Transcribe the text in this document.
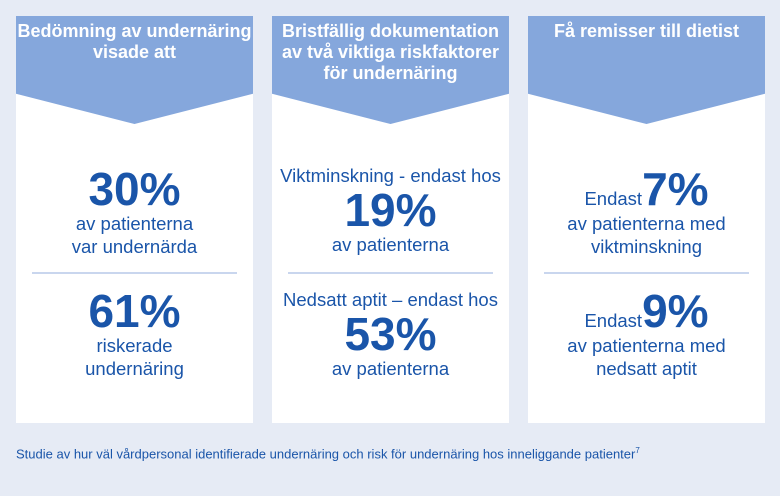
Bedömning av undernäring visade att
30%
av patienterna
var undernärda
61%
riskerade
undernäring
Bristfällig dokumentation av två viktiga riskfaktorer för undernäring
Viktminskning - endast hos
19%
av patienterna
Nedsatt aptit – endast hos
53%
av patienterna
Få remisser till dietist
Endast7%
av patienterna med
viktminskning
Endast9%
av patienterna med
nedsatt aptit
Studie av hur väl vårdpersonal identifierade undernäring och risk för undernäring hos inneliggande patienter$^7$
